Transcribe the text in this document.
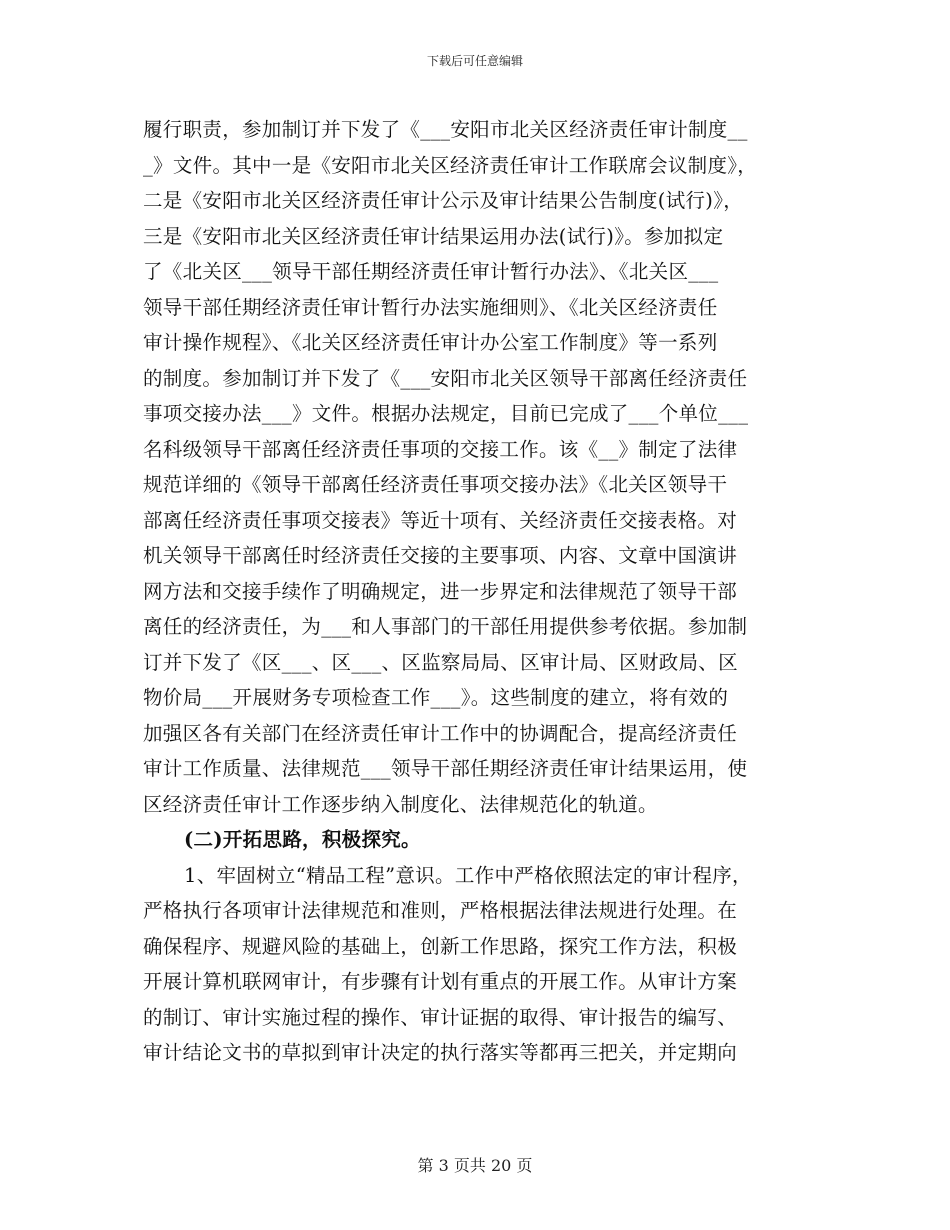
下载后可任意编辑
履行职责，参加制订并下发了《___安阳市北关区经济责任审计制度__
_》文件。其中一是《安阳市北关区经济责任审计工作联席会议制度》，
二是《安阳市北关区经济责任审计公示及审计结果公告制度(试行)》，
三是《安阳市北关区经济责任审计结果运用办法(试行)》。参加拟定
了《北关区___领导干部任期经济责任审计暂行办法》、《北关区___
领导干部任期经济责任审计暂行办法实施细则》、《北关区经济责任
审计操作规程》、《北关区经济责任审计办公室工作制度》等一系列
的制度。参加制订并下发了《___安阳市北关区领导干部离任经济责任
事项交接办法___》文件。根据办法规定，目前已完成了___个单位___
名科级领导干部离任经济责任事项的交接工作。该《__》制定了法律
规范详细的《领导干部离任经济责任事项交接办法》《北关区领导干
部离任经济责任事项交接表》等近十项有、关经济责任交接表格。对
机关领导干部离任时经济责任交接的主要事项、内容、文章中国演讲
网方法和交接手续作了明确规定，进一步界定和法律规范了领导干部
离任的经济责任，为___和人事部门的干部任用提供参考依据。参加制
订并下发了《区___、区___、区监察局局、区审计局、区财政局、区
物价局___开展财务专项检查工作___》。这些制度的建立，将有效的
加强区各有关部门在经济责任审计工作中的协调配合，提高经济责任
审计工作质量、法律规范___领导干部任期经济责任审计结果运用，使
区经济责任审计工作逐步纳入制度化、法律规范化的轨道。
(二)开拓思路，积极探究。
1、牢固树立“精品工程”意识。工作中严格依照法定的审计程序，
严格执行各项审计法律规范和准则，严格根据法律法规进行处理。在
确保程序、规避风险的基础上，创新工作思路，探究工作方法，积极
开展计算机联网审计，有步骤有计划有重点的开展工作。从审计方案
的制订、审计实施过程的操作、审计证据的取得、审计报告的编写、
审计结论文书的草拟到审计决定的执行落实等都再三把关，并定期向
第 3 页共 20 页
